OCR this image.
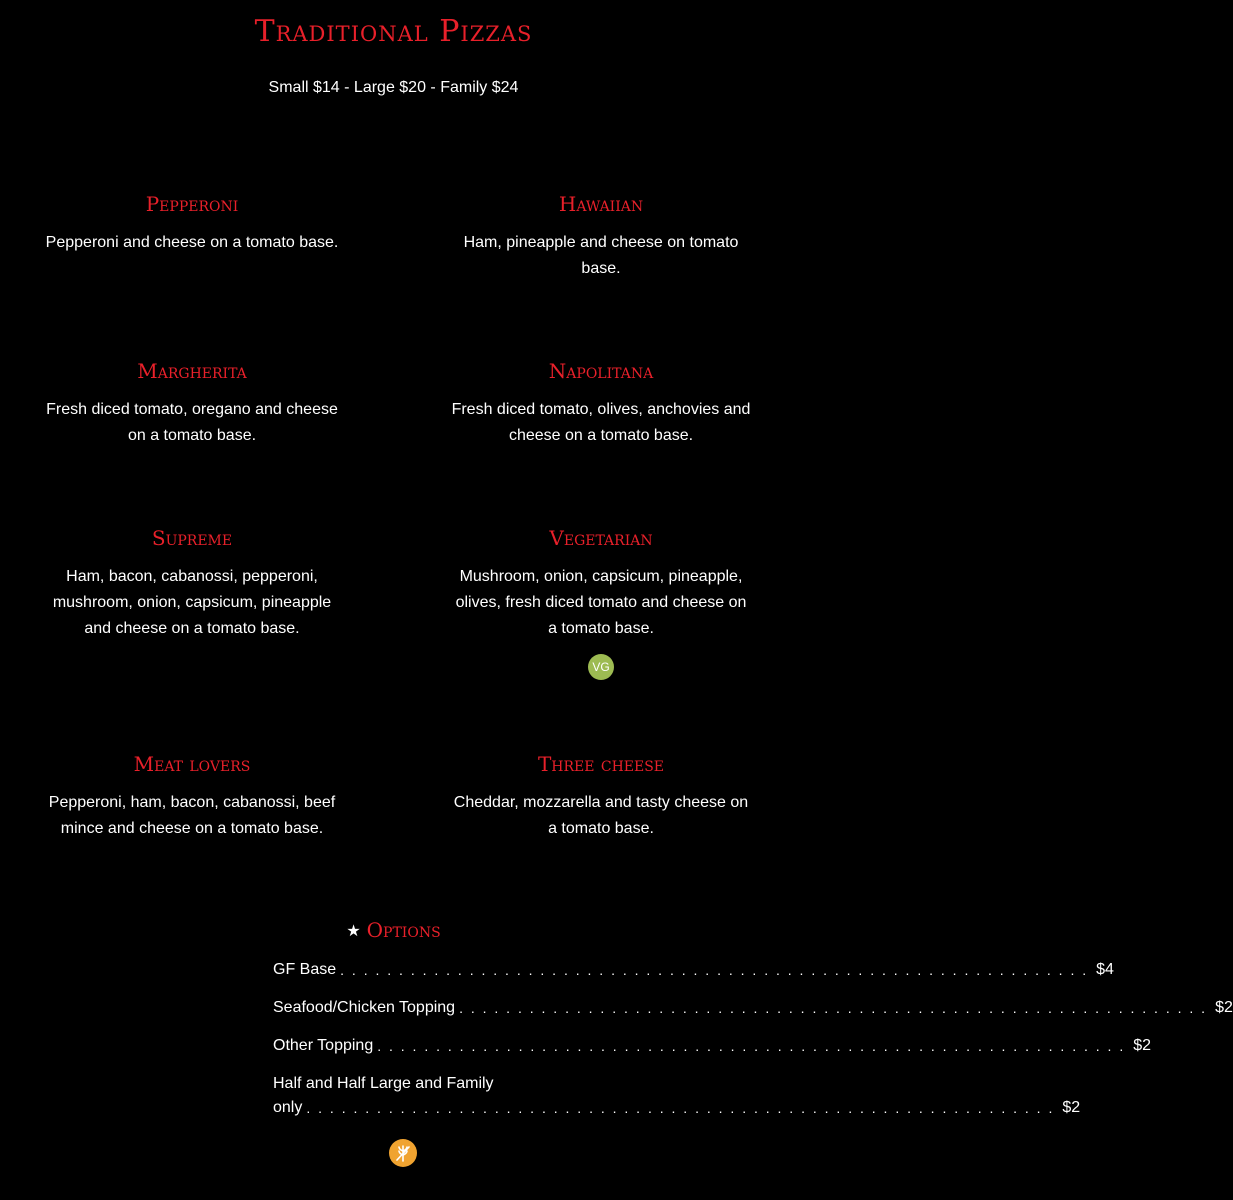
Traditional Pizzas
Small $14 - Large $20 - Family $24
Pepperoni
Pepperoni and cheese on a tomato base.
Hawaiian
Ham, pineapple and cheese on tomato base.
Margherita
Fresh diced tomato, oregano and cheese on a tomato base.
Napolitana
Fresh diced tomato, olives, anchovies and cheese on a tomato base.
Supreme
Ham, bacon, cabanossi, pepperoni, mushroom, onion, capsicum, pineapple and cheese on a tomato base.
Vegetarian
Mushroom, onion, capsicum, pineapple, olives, fresh diced tomato and cheese on a tomato base.
VG
Meat lovers
Pepperoni, ham, bacon, cabanossi, beef mince and cheese on a tomato base.
Three cheese
Cheddar, mozzarella and tasty cheese on a tomato base.
★ Options
GF Base . . .	$4
Seafood/Chicken Topping . . .	$2
Other Topping . . .	$2
Half and Half Large and Family
only . . .	$2
